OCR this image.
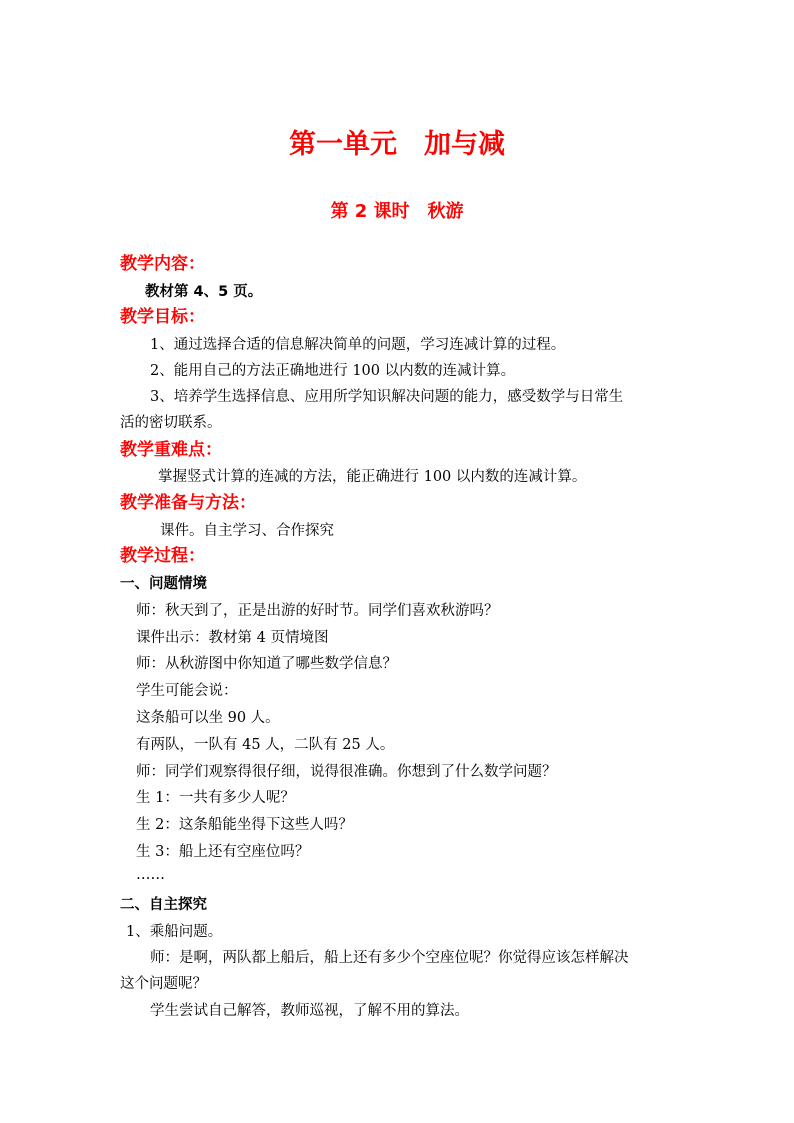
第一单元　加与减
第 2 课时　秋游
教学内容：
教材第 4、5 页。
教学目标：
1、通过选择合适的信息解决简单的问题，学习连减计算的过程。
2、能用自己的方法正确地进行 100 以内数的连减计算。
3、培养学生选择信息、应用所学知识解决问题的能力，感受数学与日常生
活的密切联系。
教学重难点：
掌握竖式计算的连减的方法，能正确进行 100 以内数的连减计算。
教学准备与方法：
课件。自主学习、合作探究
教学过程：
一、问题情境
师：秋天到了，正是出游的好时节。同学们喜欢秋游吗？
课件出示：教材第 4 页情境图
师：从秋游图中你知道了哪些数学信息？
学生可能会说：
这条船可以坐 90 人。
有两队，一队有 45 人，二队有 25 人。
师：同学们观察得很仔细，说得很准确。你想到了什么数学问题？
生 1：一共有多少人呢？
生 2：这条船能坐得下这些人吗？
生 3：船上还有空座位吗？
……
二、自主探究
1、乘船问题。
师：是啊，两队都上船后，船上还有多少个空座位呢？你觉得应该怎样解决
这个问题呢？
学生尝试自己解答，教师巡视，了解不用的算法。
